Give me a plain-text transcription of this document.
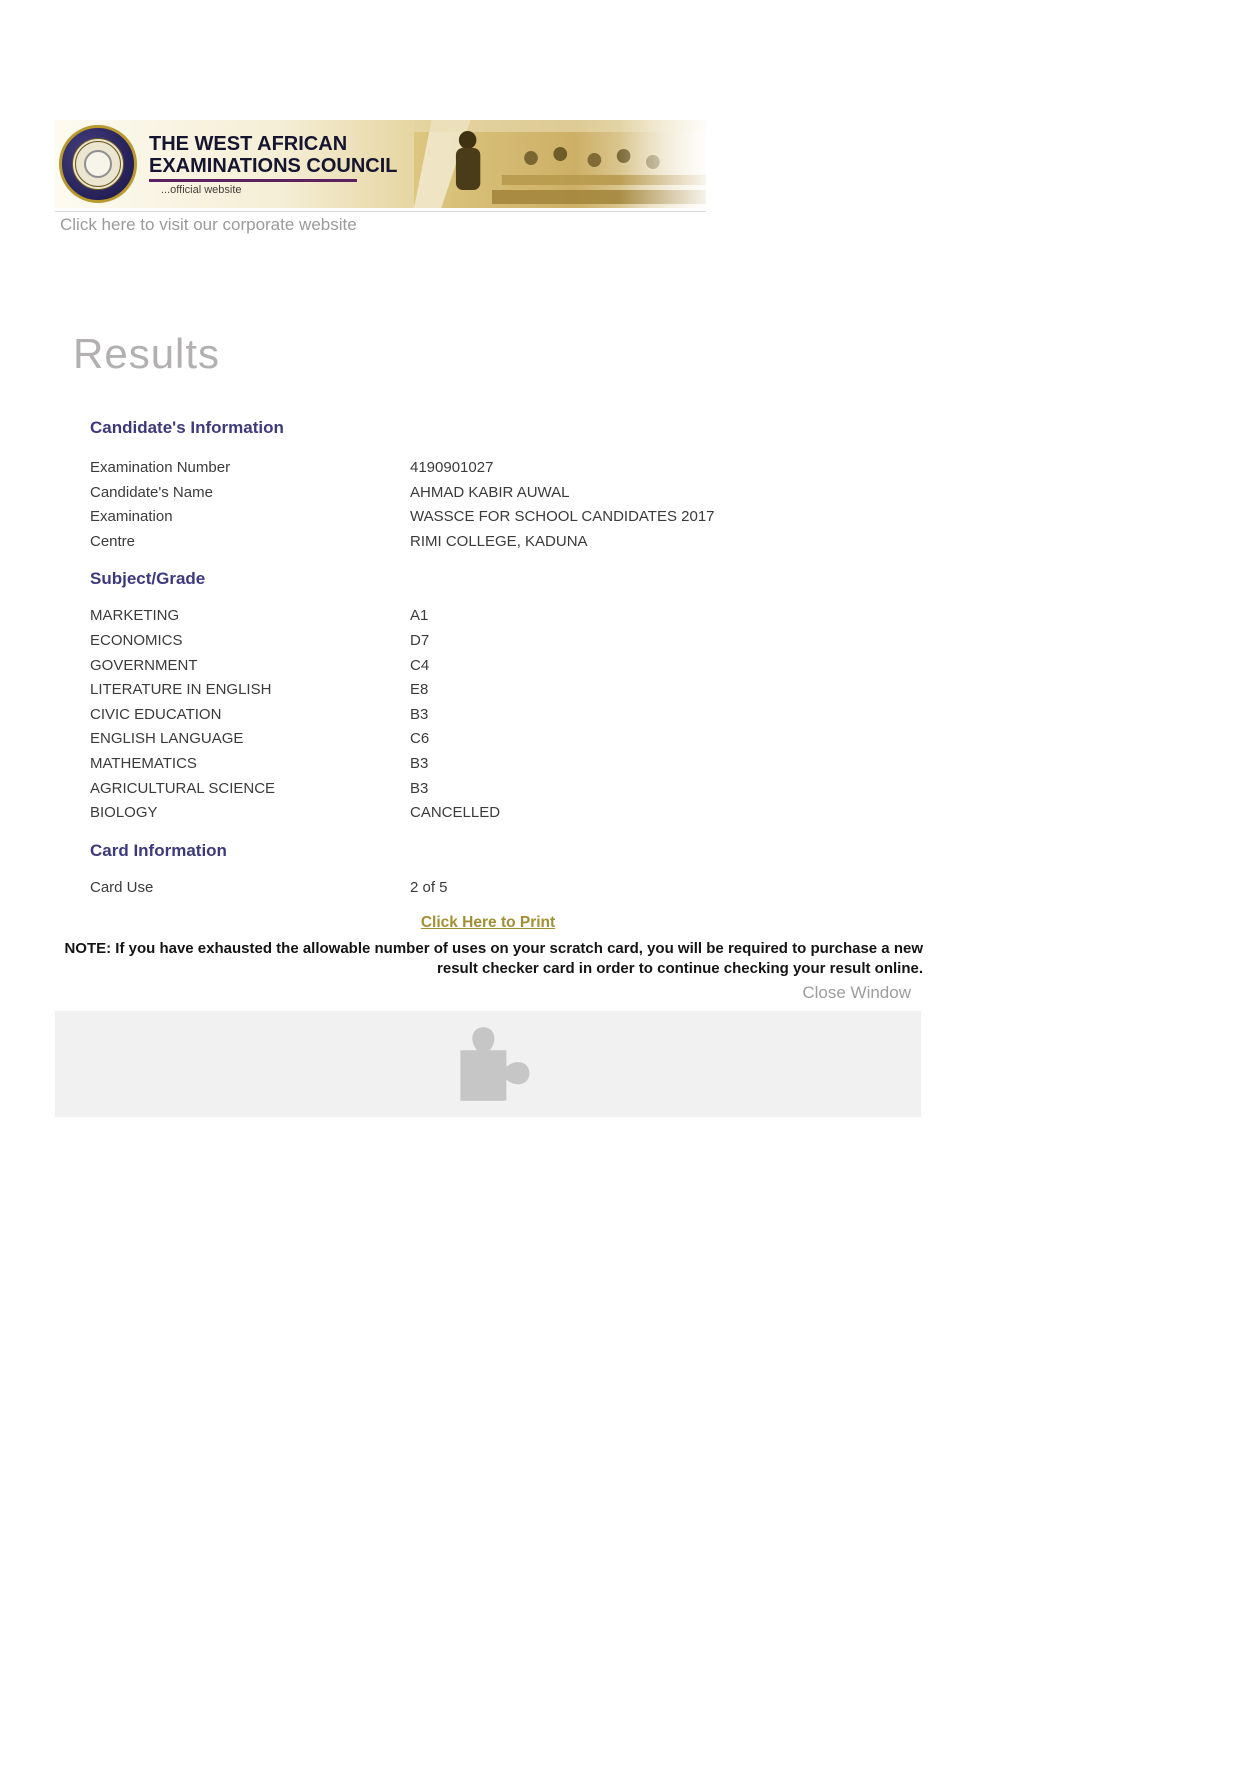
THE WEST AFRICAN
EXAMINATIONS COUNCIL
...official website
Click here to visit our corporate website
Results
Candidate's Information
Examination Number	4190901027
Candidate's Name	AHMAD KABIR AUWAL
Examination	WASSCE FOR SCHOOL CANDIDATES 2017
Centre	RIMI COLLEGE, KADUNA
Subject/Grade
MARKETING	A1
ECONOMICS	D7
GOVERNMENT	C4
LITERATURE IN ENGLISH	E8
CIVIC EDUCATION	B3
ENGLISH LANGUAGE	C6
MATHEMATICS	B3
AGRICULTURAL SCIENCE	B3
BIOLOGY	CANCELLED
Card Information
Card Use	2 of 5
Click Here to Print
NOTE: If you have exhausted the allowable number of uses on your scratch card, you will be required to purchase a new result checker card in order to continue checking your result online.
Close Window
